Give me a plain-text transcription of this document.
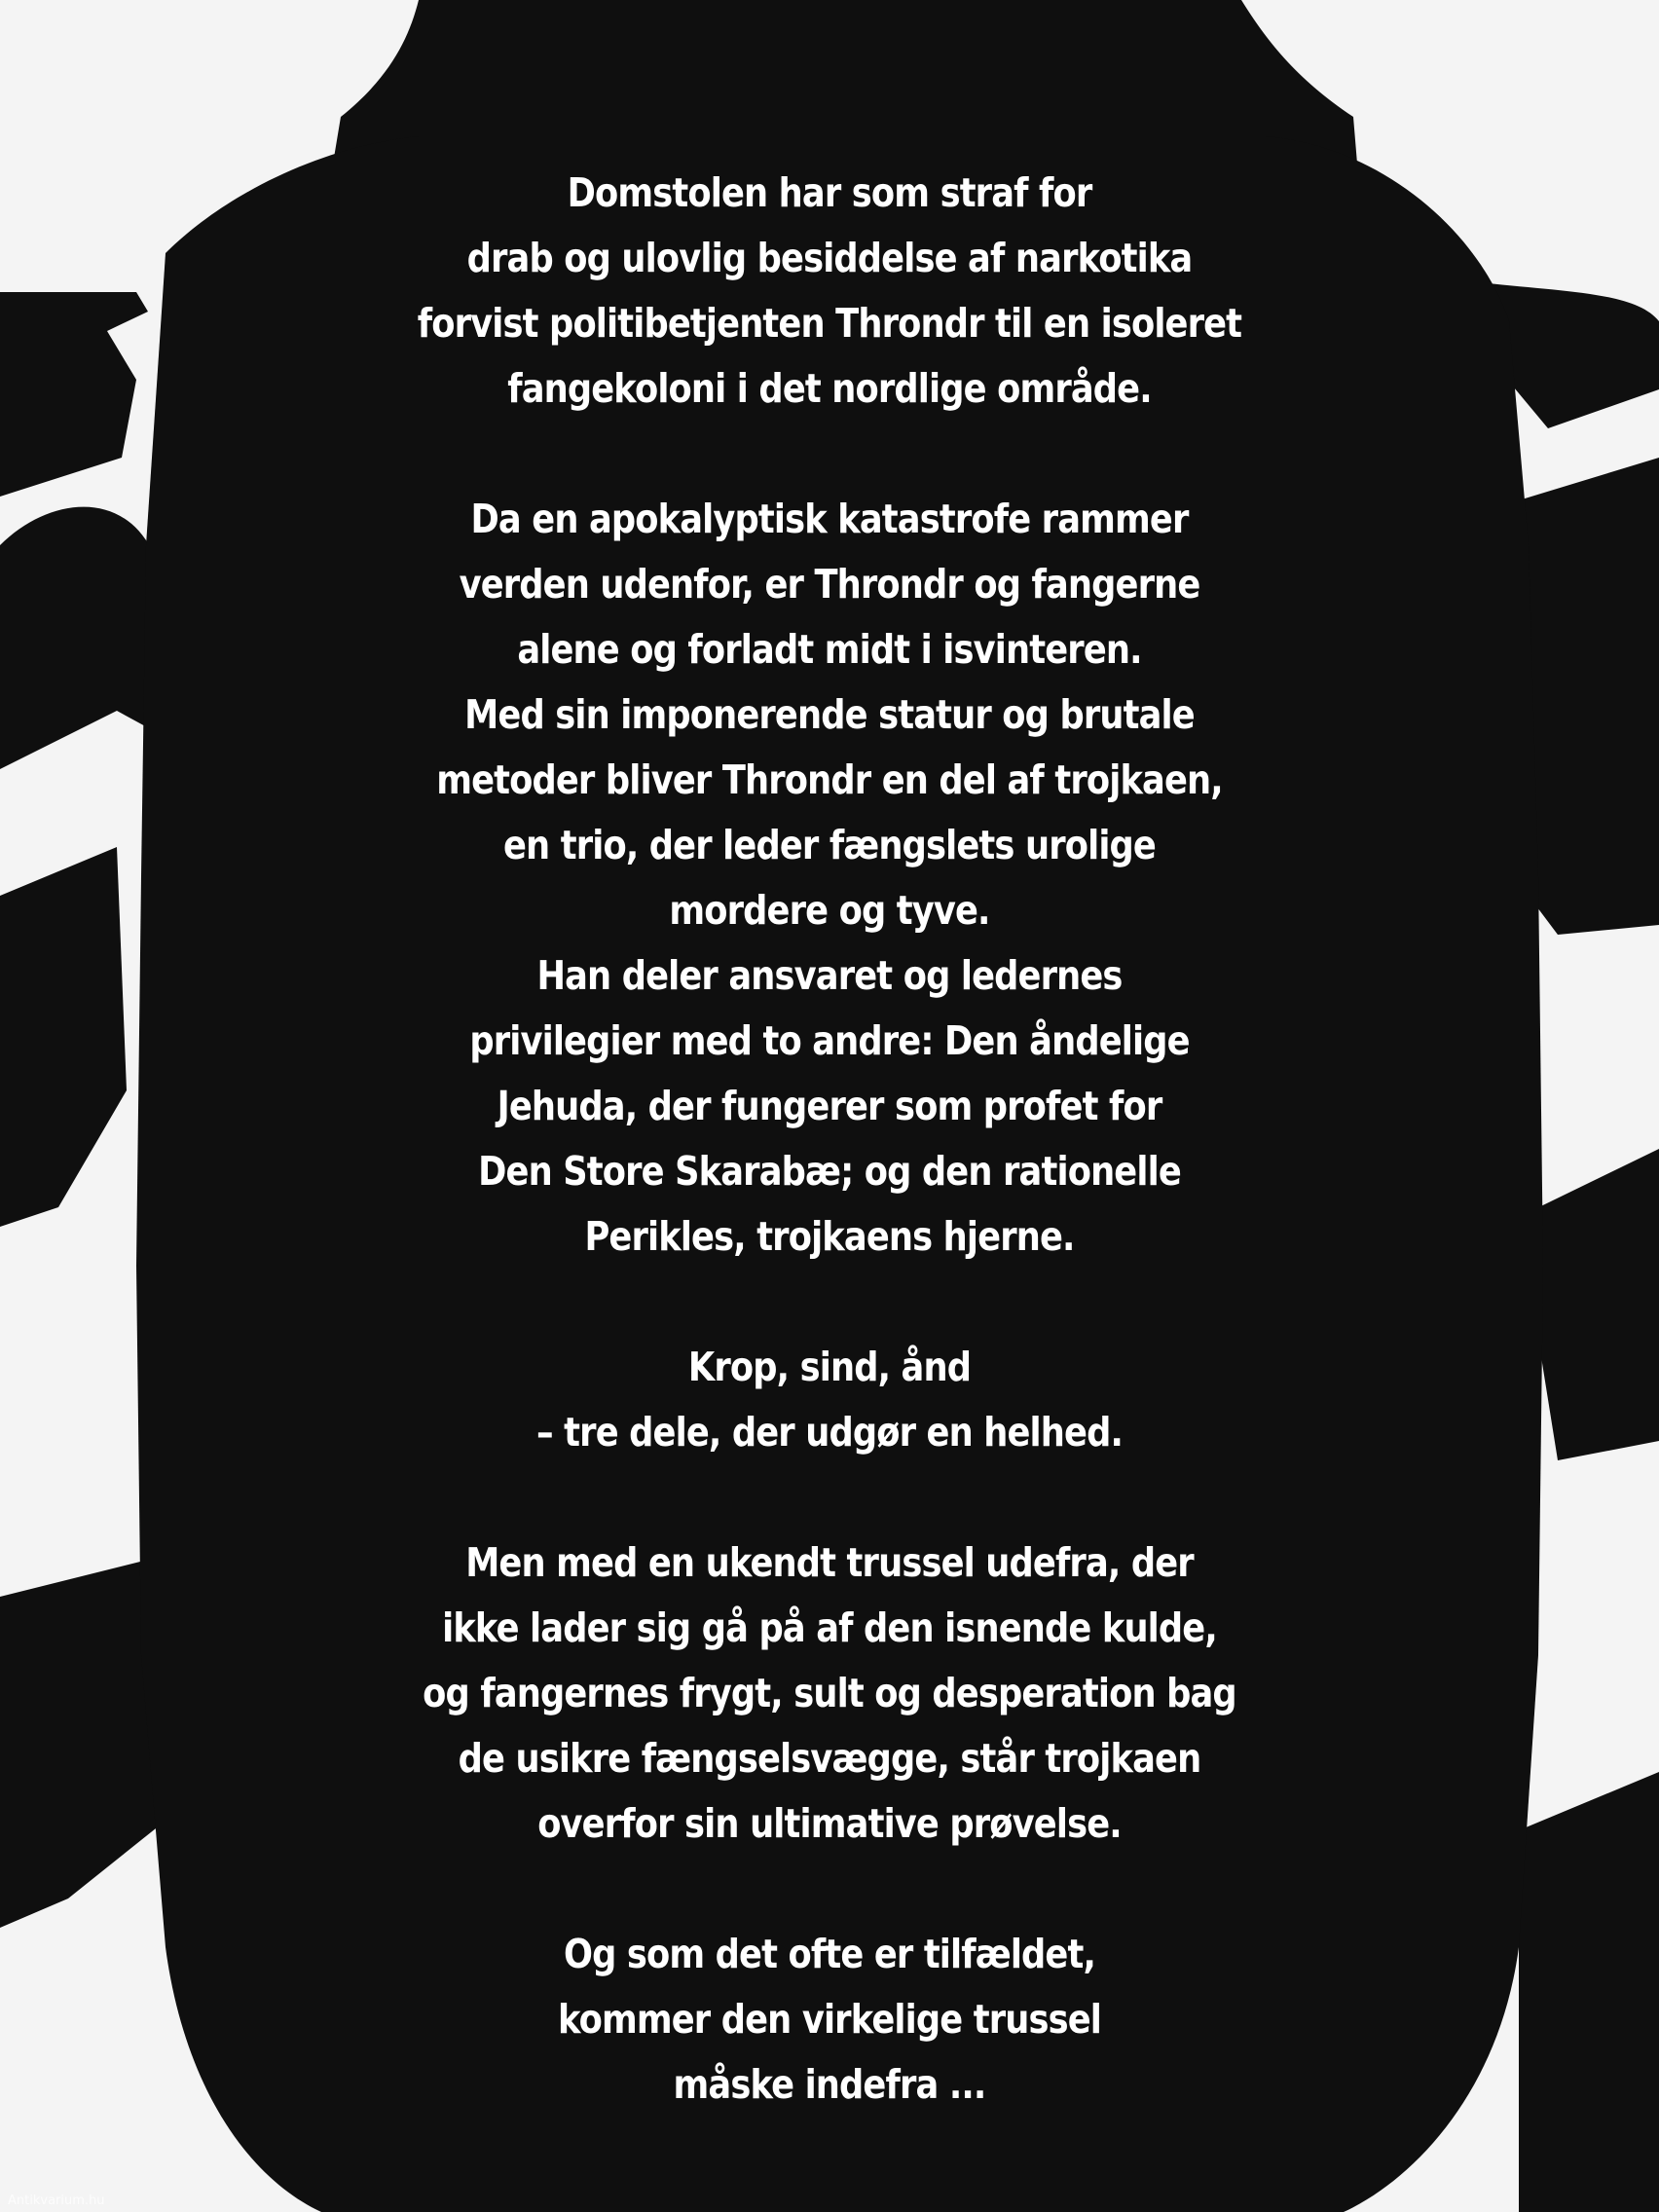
Domstolen har som straf for
drab og ulovlig besiddelse af narkotika
forvist politibetjenten Throndr til en isoleret
fangekoloni i det nordlige område.

Da en apokalyptisk katastrofe rammer
verden udenfor, er Throndr og fangerne
alene og forladt midt i isvinteren.
Med sin imponerende statur og brutale
metoder bliver Throndr en del af trojkaen,
en trio, der leder fængslets urolige
mordere og tyve.
Han deler ansvaret og ledernes
privilegier med to andre: Den åndelige
Jehuda, der fungerer som profet for
Den Store Skarabæ; og den rationelle
Perikles, trojkaens hjerne.

Krop, sind, ånd
– tre dele, der udgør en helhed.

Men med en ukendt trussel udefra, der
ikke lader sig gå på af den isnende kulde,
og fangernes frygt, sult og desperation bag
de usikre fængselsvægge, står trojkaen
overfor sin ultimative prøvelse.

Og som det ofte er tilfældet,
kommer den virkelige trussel
måske indefra ...

Antikvarium.hu
